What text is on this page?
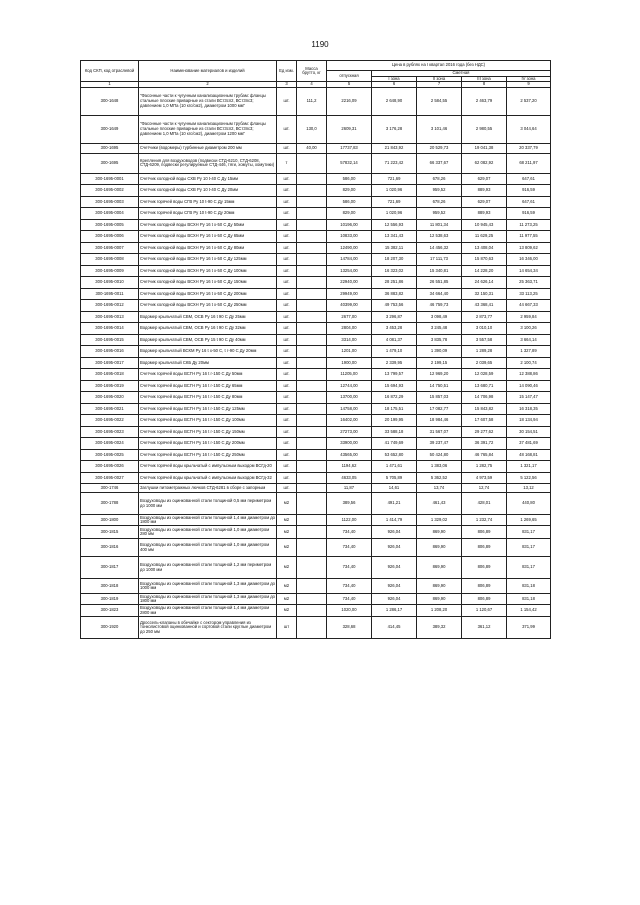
1190
Код СКП, код отраслевой	Наименование материалов и изделий	Ед изм.	Масса брутто, кг	Цена в рублях на I квартал 2016 года (без НДС)				
				отпускная	Сметная			
					I зона	II зона	III зона	IV зона
1	2	3	4	5	6	7	8	9
300-1648	"Фасонные части к чугунным канализационным трубам: фланцы стальные плоские приварные из стали ВСт3сп2, ВСт3пс3; давлением 1,0 МПа (10 кгс/см2), диаметром 1000 мм"	шт.	111,2	2216,09	2 648,90	2 584,55	2 463,79	2 537,20
300-1649	"Фасонные части к чугунным канализационным трубам: фланцы стальные плоские приварные из стали ВСт3сп2, ВСт3пс3; давлением 1,0 МПа (10 кгс/см2), диаметром 1200 мм"	шт.	130,0	2609,31	3 176,28	3 101,46	2 980,55	3 044,64
300-1695	Счетчики (водомеры) турбинные диаметром 200 мм	шт.	40,00	17737,83	21 843,92	20 529,73	19 041,38	20 337,79
300-1695	Крепления для воздуховодов (подвески СТД-6210, СТД-6208, СТД-6209, подвески регулируемые СТД-446, тяги, хомуты, хомутики)	т		57832,14	71 223,42	66 337,67	62 082,92	68 211,97
300-1695-0001	Счетчик холодной воды СХВ Ру 10 t-40 С Ду 15мм	шт.		586,00	721,69	678,26	629,07	647,61
300-1695-0002	Счетчик холодной воды СХВ Ру 10 t-40 С Ду 20мм	шт.		829,00	1 020,96	959,52	889,93	916,59
300-1695-0003	Счетчик горячей воды СГВ Ру 10 t-90 С Ду 15мм	шт.		586,00	721,69	678,26	629,07	647,61
300-1695-0004	Счетчик горячей воды СГВ Ру 10 t-90 С Ду 20мм	шт.		829,00	1 020,96	959,52	889,93	916,59
300-1695-0005	Счетчик холодной воды ВСХН Ру 16 t x-50 С Ду 50мм	шт.		10196,00	12 556,93	11 801,34	10 945,43	11 273,25
300-1695-0006	Счетчик холодной воды ВСХН Ру 16 t x-50 С Ду 65мм	шт.		10833,00	13 341,43	12 538,63	11 629,25	11 977,55
300-1695-0007	Счетчик холодной воды ВСХН Ру 16 t x-50 С Ду 80мм	шт.		12490,00	15 382,11	14 456,32	13 408,04	13 809,62
300-1695-0008	Счетчик холодной воды ВСХН Ру 16 t x-50 С Ду 125мм	шт.		14784,00	18 207,30	17 111,73	15 870,63	16 346,00
300-1695-0009	Счетчик холодной воды ВСХН Ру 16 t x-50 С Ду 100мм	шт.		13254,00	16 323,02	15 340,81	14 228,20	14 654,34
300-1695-0010	Счетчик холодной воды ВСХН Ру 16 t x-50 С Ду 150мм	шт.		22940,00	28 251,86	26 551,85	24 626,14	25 363,71
300-1695-0011	Счетчик холодной воды ВСХН Ру 16 t x-50 С Ду 200мм	шт.		29949,00	36 883,82	34 664,40	32 150,31	33 113,25
300-1695-0012	Счетчик холодной воды ВСХН Ру 16 t x-50 С Ду 250мм	шт.		40399,00	49 753,56	46 759,73	43 368,41	44 667,33
300-1695-0013	Водомер крыльчатый СВМ, ОСВ Ру 16 t 90 С Ду 25мм	шт.		2677,00	3 296,87	3 098,49	2 873,77	2 959,84
300-1695-0014	Водомер крыльчатый СВМ, ОСВ Ру 16 t 90 С Ду 32мм	шт.		2804,00	3 453,28	3 245,48	3 010,10	3 100,26
300-1695-0015	Водомер крыльчатый СВМ, ОСВ Ру 15 t 90 С Ду 40мм	шт.		3314,00	4 081,37	3 835,78	3 557,58	3 664,14
300-1695-0016	Водомер крыльчатый ВСКМ Ру 16 t x-50 С, t г-90 С Ду 20мм	шт.		1201,00	1 479,10	1 390,09	1 289,28	1 327,89
300-1695-0017	Водомер крыльчатый СКБ Ду 20мм	шт.		1900,00	2 339,95	2 199,15	2 039,65	2 100,74
300-1695-0018	Счетчик горячей воды ВСГН Ру 16 t г-150 С Ду 50мм	шт.		11205,00	13 799,57	12 969,20	12 028,59	12 388,86
300-1695-0019	Счетчик горячей воды ВСГН Ру 16 t г-150 С Ду 65мм	шт.		12744,00	15 694,93	14 750,51	13 680,71	14 090,46
300-1695-0020	Счетчик горячей воды ВСГН Ру 16 t г-150 С Ду 80мм	шт.		13700,00	16 872,29	15 857,03	14 706,98	15 147,47
300-1695-0021	Счетчик горячей воды ВСГН Ру 16 t г-150 С Ду 125мм	шт.		14758,00	18 175,51	17 082,77	15 843,82	16 318,35
300-1695-0022	Счетчик горячей воды ВСГН Ру 16 t г-150 С Ду 100мм	шт.		16402,00	20 199,95	18 984,46	17 607,58	18 134,94
300-1695-0023	Счетчик горячей воды ВСГН Ру 16 t г-150 С Ду 150мм	шт.		27273,00	33 588,18	31 567,07	29 277,62	30 154,51
300-1695-0024	Счетчик горячей воды ВСГН Ру 16 t г-150 С Ду 200мм	шт.		33900,00	41 749,69	39 237,47	36 391,72	37 481,69
300-1695-0025	Счетчик горячей воды ВСГН Ру 16 t г-150 С Ду 250мм	шт.		43565,00	53 652,80	50 424,80	46 765,84	48 168,81
300-1695-0026	Счетчик горячей воды крыльчатый с импульсным выходом ВСГд-20	шт.		1194,62	1 471,61	1 383,06	1 282,75	1 321,17
300-1695-0027	Счетчик горячей воды крыльчатый с импульсным выходом ВСГд-32	шт.		4633,05	5 705,89	5 362,52	4 973,59	5 122,56
300-1746	Заглушки питометражных лючков СТД-6281 в сборе с запорным	шт.		11,87	14,61	13,74	12,74	13,12
300-1788	Воздуховоды из оцинкованной стали толщиной 0,5 мм периметром до 1000 мм	м2		389,56	491,21	461,43	428,01	440,80
300-1800	Воздуховоды из оцинкованной стали толщиной 1,4 мм диаметром до 1800 мм	м2		1122,00	1 414,79	1 329,02	1 232,74	1 269,65
300-1815	Воздуховоды из оцинкованной стали толщиной 1,0 мм диаметром 280 мм	м2		734,40	926,04	869,90	806,89	831,17
300-1816	Воздуховоды из оцинкованной стали толщиной 1,0 мм диаметром 400 мм	м2		734,40	926,04	869,90	806,89	831,17
300-1817	Воздуховоды из оцинкованной стали толщиной 1,2 мм периметром до 1000 мм	м2		734,40	926,04	869,90	806,89	831,17
300-1818	Воздуховоды из оцинкованной стали толщиной 1,3 мм диаметром до 1000 мм	м2		734,40	926,04	869,90	806,89	831,18
300-1819	Воздуховоды из оцинкованной стали толщиной 1,3 мм диаметром до 1800 мм	м2		734,40	926,04	869,90	806,89	831,18
300-1823	Воздуховоды из оцинкованной стали толщиной 1,4 мм диаметром 2800 мм	м2		1020,00	1 286,17	1 208,20	1 120,67	1 154,42
300-1920	Дроссель-клапаны в обечайке с сектором управления из тонколистовой оцинкованной и сортовой стали круглые диаметром до 250 мм	шт		328,68	414,45	389,32	361,12	371,99
